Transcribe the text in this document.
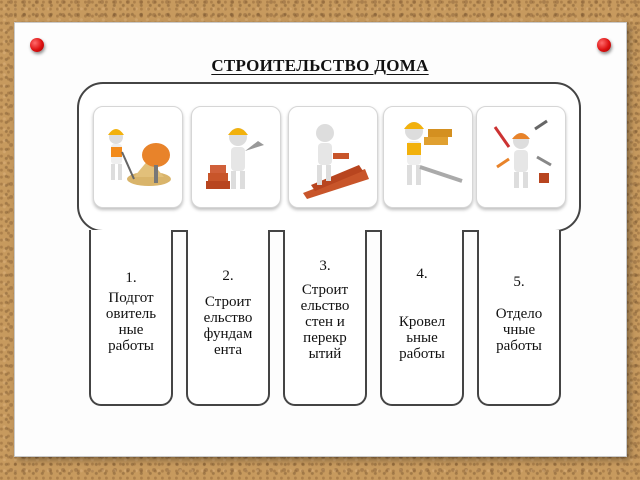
СТРОИТЕЛЬСТВО ДОМА
1.
Подгот
овитель
ные
работы
2.
Строит
ельство
фундам
ента
3.
Строит
ельство
стен и
перекр
ытий
4.
Кровел
ьные
работы
5.
Отдело
чные
работы
